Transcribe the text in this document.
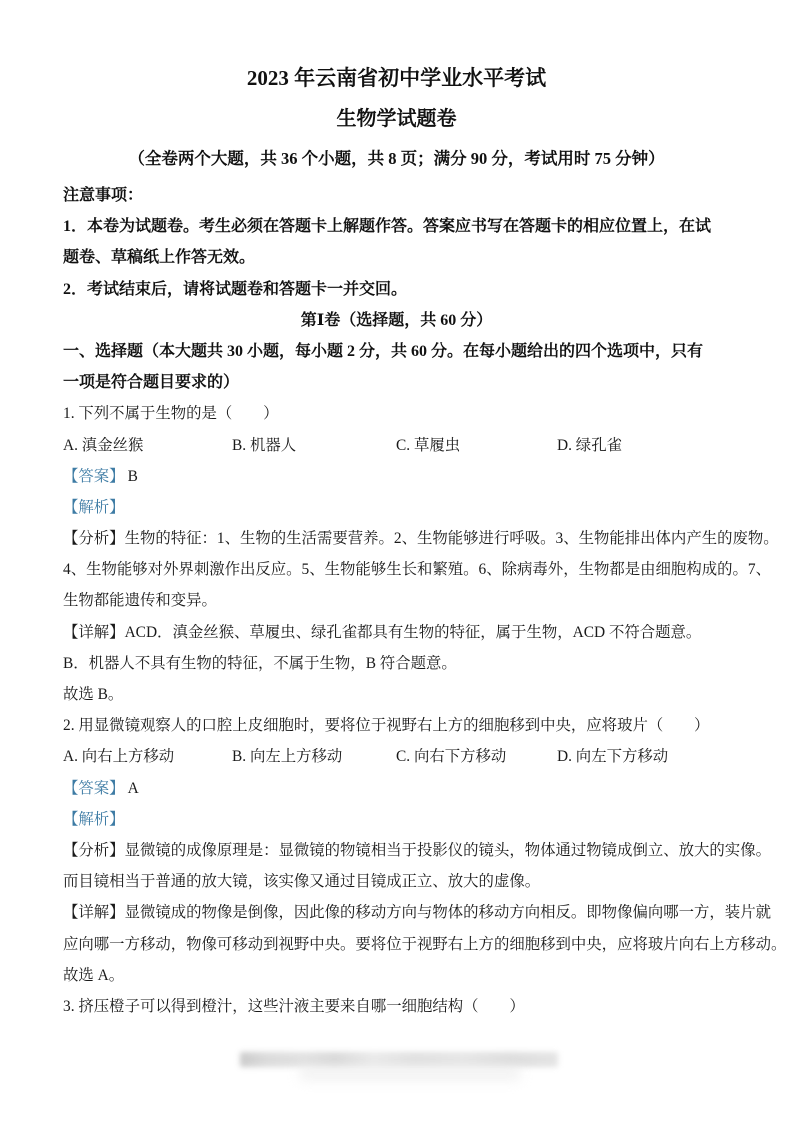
2023 年云南省初中学业水平考试
生物学试题卷
（全卷两个大题，共 36 个小题，共 8 页；满分 90 分，考试用时 75 分钟）
注意事项：
1．本卷为试题卷。考生必须在答题卡上解题作答。答案应书写在答题卡的相应位置上，在试
题卷、草稿纸上作答无效。
2．考试结束后，请将试题卷和答题卡一并交回。
第Ⅰ卷（选择题，共 60 分）
一、选择题（本大题共 30 小题，每小题 2 分，共 60 分。在每小题给出的四个选项中，只有
一项是符合题目要求的）
1. 下列不属于生物的是（　　）
A. 滇金丝猴	B. 机器人	C. 草履虫	D. 绿孔雀
【答案】 B
【解析】
【分析】生物的特征：1、生物的生活需要营养。2、生物能够进行呼吸。3、生物能排出体内产生的废物。
4、生物能够对外界刺激作出反应。5、生物能够生长和繁殖。6、除病毒外，生物都是由细胞构成的。7、
生物都能遗传和变异。
【详解】ACD．滇金丝猴、草履虫、绿孔雀都具有生物的特征，属于生物，ACD 不符合题意。
B．机器人不具有生物的特征，不属于生物，B 符合题意。
故选 B。
2. 用显微镜观察人的口腔上皮细胞时，要将位于视野右上方的细胞移到中央，应将玻片（　　）
A. 向右上方移动	B. 向左上方移动	C. 向右下方移动	D. 向左下方移动
【答案】 A
【解析】
【分析】显微镜的成像原理是：显微镜的物镜相当于投影仪的镜头，物体通过物镜成倒立、放大的实像。
而目镜相当于普通的放大镜，该实像又通过目镜成正立、放大的虚像。
【详解】显微镜成的物像是倒像，因此像的移动方向与物体的移动方向相反。即物像偏向哪一方，装片就
应向哪一方移动，物像可移动到视野中央。要将位于视野右上方的细胞移到中央，应将玻片向右上方移动。
故选 A。
3. 挤压橙子可以得到橙汁，这些汁液主要来自哪一细胞结构（　　）
